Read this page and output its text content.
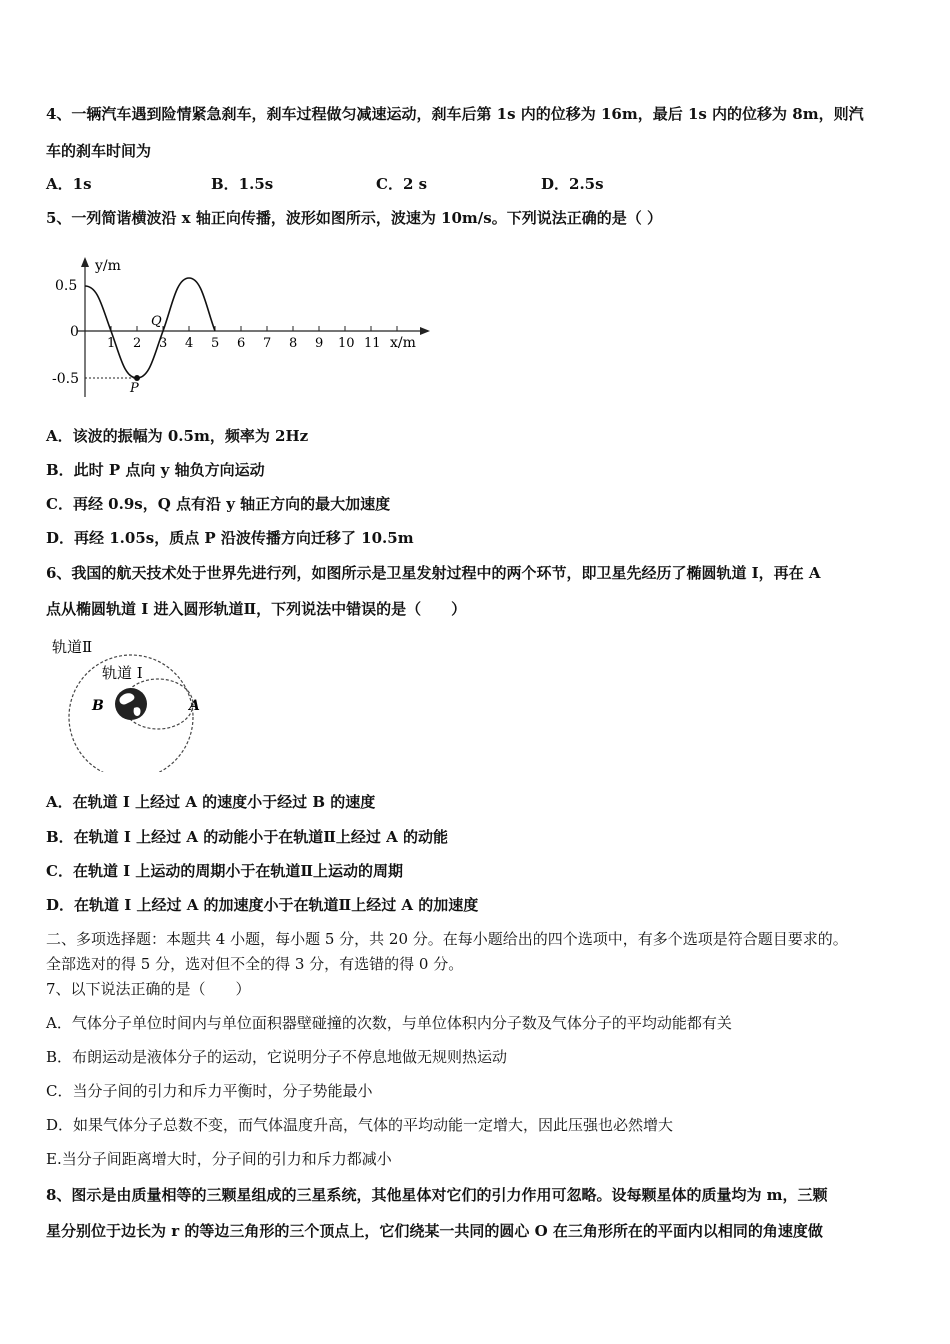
4、一辆汽车遇到险情紧急刹车，刹车过程做匀减速运动，刹车后第 1s 内的位移为 16m，最后 1s 内的位移为 8m，则汽
车的刹车时间为
A．1s	B．1.5s	C．2 s	D．2.5s
5、一列简谐横波沿 x 轴正向传播，波形如图所示，波速为 10m/s。下列说法正确的是（ ）
y/m
x/m
0.5
0
-0.5
1 2 3 4 5 6 7 8 9 10 11
Q
P
A．该波的振幅为 0.5m，频率为 2Hz
B．此时 P 点向 y 轴负方向运动
C．再经 0.9s，Q 点有沿 y 轴正方向的最大加速度
D．再经 1.05s，质点 P 沿波传播方向迁移了 10.5m
6、我国的航天技术处于世界先进行列，如图所示是卫星发射过程中的两个环节，即卫星先经历了椭圆轨道 I，再在 A
点从椭圆轨道 I 进入圆形轨道Ⅱ，下列说法中错误的是（　　）
轨道Ⅱ
轨道 I
B	A
A．在轨道 I 上经过 A 的速度小于经过 B 的速度
B．在轨道 I 上经过 A 的动能小于在轨道Ⅱ上经过 A 的动能
C．在轨道 I 上运动的周期小于在轨道Ⅱ上运动的周期
D．在轨道 I 上经过 A 的加速度小于在轨道Ⅱ上经过 A 的加速度
二、多项选择题：本题共 4 小题，每小题 5 分，共 20 分。在每小题给出的四个选项中，有多个选项是符合题目要求的。
全部选对的得 5 分，选对但不全的得 3 分，有选错的得 0 分。
7、以下说法正确的是（　　）
A．气体分子单位时间内与单位面积器壁碰撞的次数，与单位体积内分子数及气体分子的平均动能都有关
B．布朗运动是液体分子的运动，它说明分子不停息地做无规则热运动
C．当分子间的引力和斥力平衡时，分子势能最小
D．如果气体分子总数不变，而气体温度升高，气体的平均动能一定增大，因此压强也必然增大
E.当分子间距离增大时，分子间的引力和斥力都减小
8、图示是由质量相等的三颗星组成的三星系统，其他星体对它们的引力作用可忽略。设每颗星体的质量均为 m，三颗
星分别位于边长为 r 的等边三角形的三个顶点上，它们绕某一共同的圆心 O 在三角形所在的平面内以相同的角速度做
